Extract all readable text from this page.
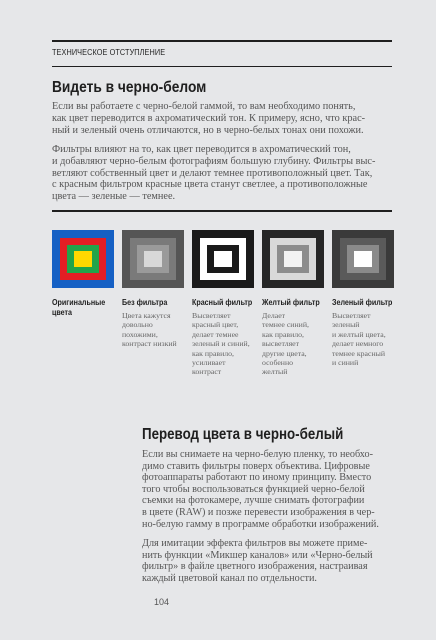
ТЕХНИЧЕСКОЕ ОТСТУПЛЕНИЕ
Видеть в черно-белом
Если вы работаете с черно-белой гаммой, то вам необходимо понять,
как цвет переводится в ахроматический тон. К примеру, ясно, что крас-
ный и зеленый очень отличаются, но в черно-белых тонах они похожи.
Фильтры влияют на то, как цвет переводится в ахроматический тон,
и добавляют черно-белым фотографиям большую глубину. Фильтры выс-
ветляют собственный цвет и делают темнее противоположный цвет. Так,
с красным фильтром красные цвета станут светлее, а противоположные
цвета — зеленые — темнее.
Оригинальные
цвета
Без фильтра	Красный фильтр Желтый фильтр Зеленый фильтр
Цвета кажутся
довольно
похожими,
контраст низкий
Высветляет
красный цвет,
делает темнее
зеленый и синий,
как правило,
усиливает
контраст
Делает
темнее синий,
как правило,
высветляет
другие цвета,
особенно
желтый
Высветляет
зеленый
и желтый цвета,
делает немного
темнее красный
и синий
Перевод цвета в черно-белый
Если вы снимаете на черно-белую пленку, то необхо-
димо ставить фильтры поверх объектива. Цифровые
фотоаппараты работают по иному принципу. Вместо
того чтобы воспользоваться функцией черно-белой
съемки на фотокамере, лучше снимать фотографии
в цвете (RAW) и позже перевести изображения в чер-
но-белую гамму в программе обработки изображений.
Для имитации эффекта фильтров вы можете приме-
нить функции «Микшер каналов» или «Черно-белый
фильтр» в файле цветного изображения, настраивая
каждый цветовой канал по отдельности.
104
